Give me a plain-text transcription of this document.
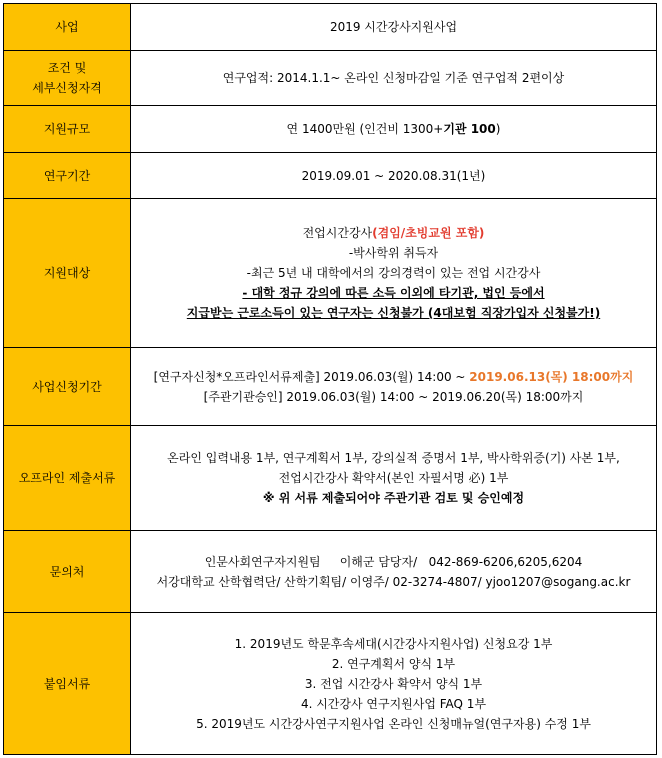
사업	2019 시간강사지원사업

조건 및
세부신청자격	연구업적: 2014.1.1~ 온라인 신청마감일 기준 연구업적 2편이상
지원규모	연 1400만원 (인건비 1300+기관 100)
연구기간	2019.09.01 ~ 2020.08.31(1년)
지원대상	전업시간강사(겸임/초빙교원 포함)
-박사학위 취득자
-최근 5년 내 대학에서의 강의경력이 있는 전업 시간강사
- 대학 정규 강의에 따른 소득 이외에 타기관, 법인 등에서
지급받는 근로소득이 있는 연구자는 신청불가 (4대보험 직장가입자 신청불가!)

사업신청기간	[연구자신청*오프라인서류제출] 2019.06.03(월) 14:00 ~ 2019.06.13(목) 18:00까지
[주관기관승인] 2019.06.03(월) 14:00 ~ 2019.06.20(목) 18:00까지

오프라인 제출서류	온라인 입력내용 1부, 연구계획서 1부, 강의실적 증명서 1부, 박사학위증(기) 사본 1부,
전업시간강사 확약서(본인 자필서명 必) 1부
※ 위 서류 제출되어야 주관기관 검토 및 승인예정

문의처	인문사회연구자지원팀     이해군 담당자/   042-869-6206,6205,6204
서강대학교 산학협력단/ 산학기획팀/ 이영주/ 02-3274-4807/ yjoo1207@sogang.ac.kr

붙임서류	1. 2019년도 학문후속세대(시간강사지원사업) 신청요강 1부
2. 연구계획서 양식 1부
3. 전업 시간강사 확약서 양식 1부
4. 시간강사 연구지원사업 FAQ 1부
5. 2019년도 시간강사연구지원사업 온라인 신청매뉴얼(연구자용) 수정 1부
